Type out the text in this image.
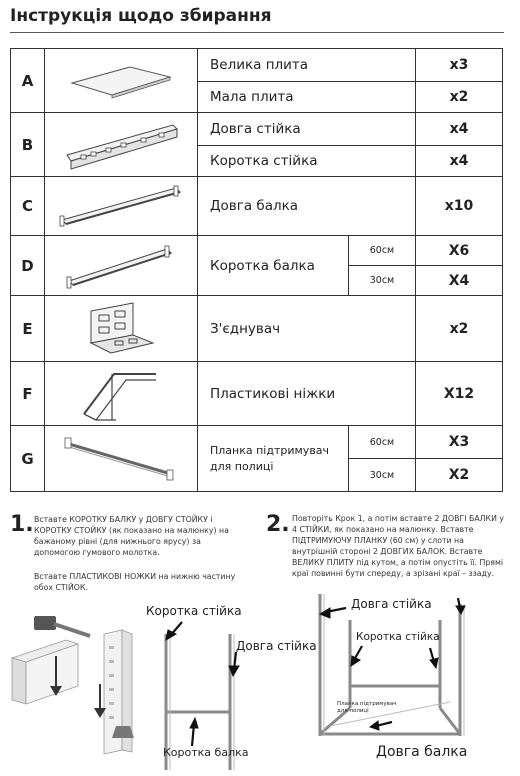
Інструкція щодо збирання
A		Велика плита		x3
		Мала плита		x2
B		Довга стійка		x4
		Коротка стійка		x4
C		Довга балка		x10
D		Коротка балка	60см	X6
			30см	X4
E		З'єднувач		x2
F		Пластикові ніжки		X12
G		Планка підтримувач для полиці	60см	X3
			30см	X2
1. Вставте КОРОТКУ БАЛКУ у ДОВГУ СТОЙКУ і КОРОТКУ СТОЙКУ (як показано на малюнку) на бажаному рівні (для нижнього ярусу) за допомогою гумового молотка.
Вставте ПЛАСТИКОВІ НОЖКИ на нижню частину обох СТІЙОК.
Коротка стійка
Довга стійка
Коротка балка
2. Повторіть Крок 1, а потім вставте 2 ДОВГІ БАЛКИ у 4 СТІЙКИ, як показано на малюнку. Вставте ПІДТРИМУЮЧУ ПЛАНКУ (60 см) у слоти на внутрішній стороні 2 ДОВГИХ БАЛОК. Вставте ВЕЛИКУ ПЛИТУ під кутом, а потім опустіть її. Прямі краї повинні бути спереду, а зрізані краї – ззаду.
Довга стійка
Коротка стійка
Планка підтримувач для полиці
Довга балка
